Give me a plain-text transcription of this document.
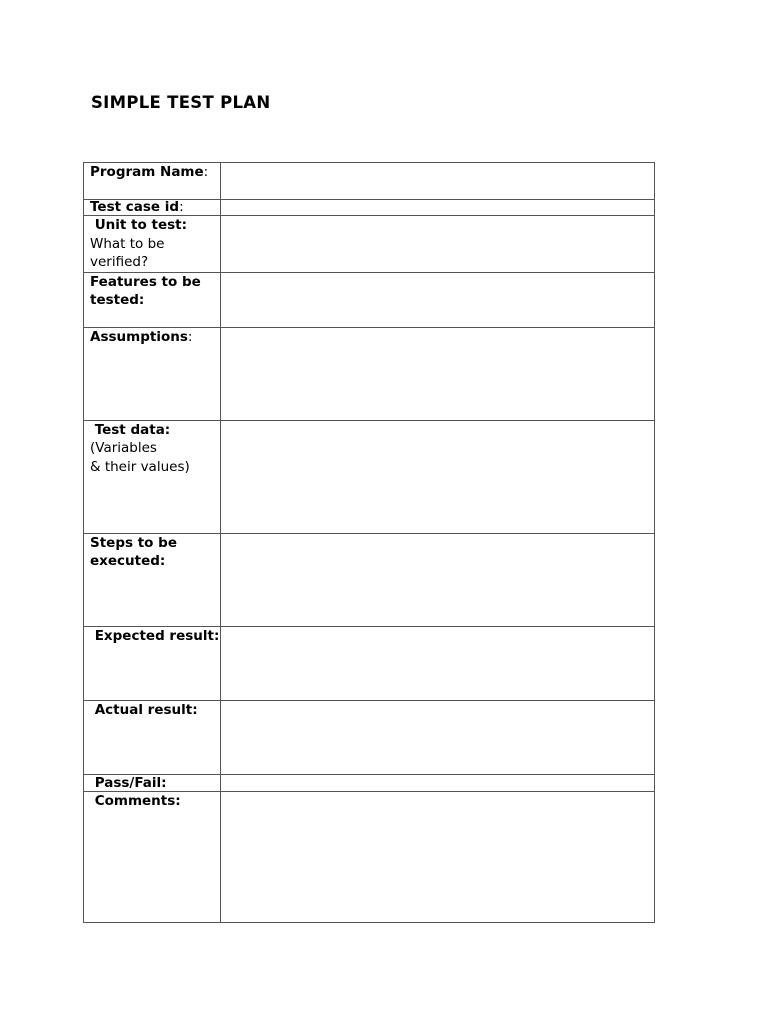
SIMPLE TEST PLAN
Program Name:	
Test case id:	
Unit to test:
What to be verified?	

Features to be tested:	
Assumptions:	
Test data:
(Variables
& their values)	

Steps to be executed:	
Expected result:	
Actual result:	
Pass/Fail:	
Comments:	
